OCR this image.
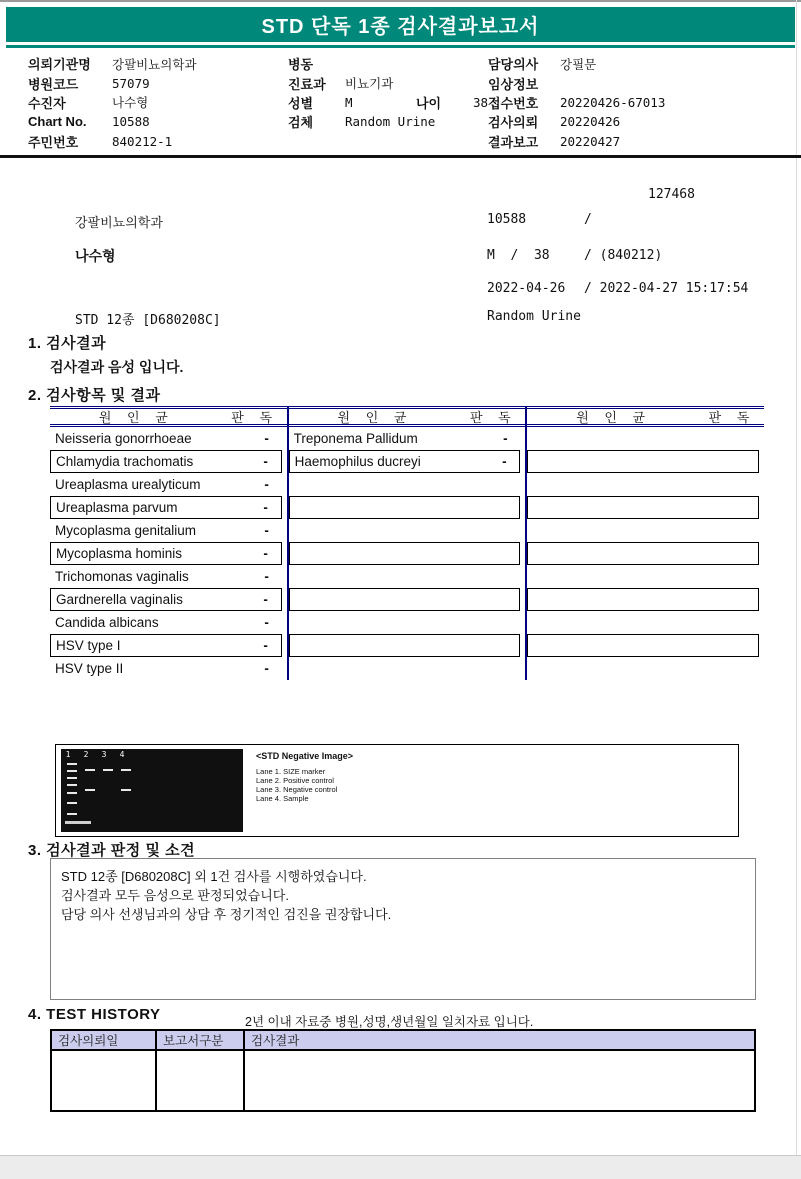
STD 단독 1종 검사결과보고서
의뢰기관명	강팔비뇨의학과
병원코드	57079
수진자	나수형
Chart No.	10588
주민번호	840212-1
병동
진료과	비뇨기과
성별	M	나이	38
검체	Random Urine
담당의사	강필문
임상정보
접수번호	20220426-67013
검사의뢰	20220426
결과보고	20220427
127468
강팔비뇨의학과	10588	/
나수형	M  /  38	/ (840212)
2022-04-26 / 2022-04-27 15:17:54
STD 12종 [D680208C]	Random Urine
1. 검사결과
검사결과 음성 입니다.
2. 검사항목 및 결과
원 인 균	판 독
Neisseria gonorrhoeae	-
Chlamydia trachomatis	-
Ureaplasma urealyticum	-
Ureaplasma parvum	-
Mycoplasma genitalium	-
Mycoplasma hominis	-
Trichomonas vaginalis	-
Gardnerella vaginalis	-
Candida albicans	-
HSV type I	-
HSV type II	-
원 인 균	판 독
Treponema Pallidum	-
Haemophilus ducreyi	-
원 인 균	판 독
1	2	3	4	<STD Negative Image>
Lane 1. SIZE marker
Lane 2. Positive control
Lane 3. Negative control
Lane 4. Sample
3. 검사결과 판정 및 소견
STD 12종 [D680208C] 외 1건 검사를 시행하였습니다.
검사결과 모두 음성으로 판정되었습니다.
담당 의사 선생님과의 상담 후 정기적인 검진을 권장합니다.
4. TEST HISTORY	2년 이내 자료중 병원,성명,생년월일 일치자료 입니다.
검사의뢰일	보고서구분	검사결과
